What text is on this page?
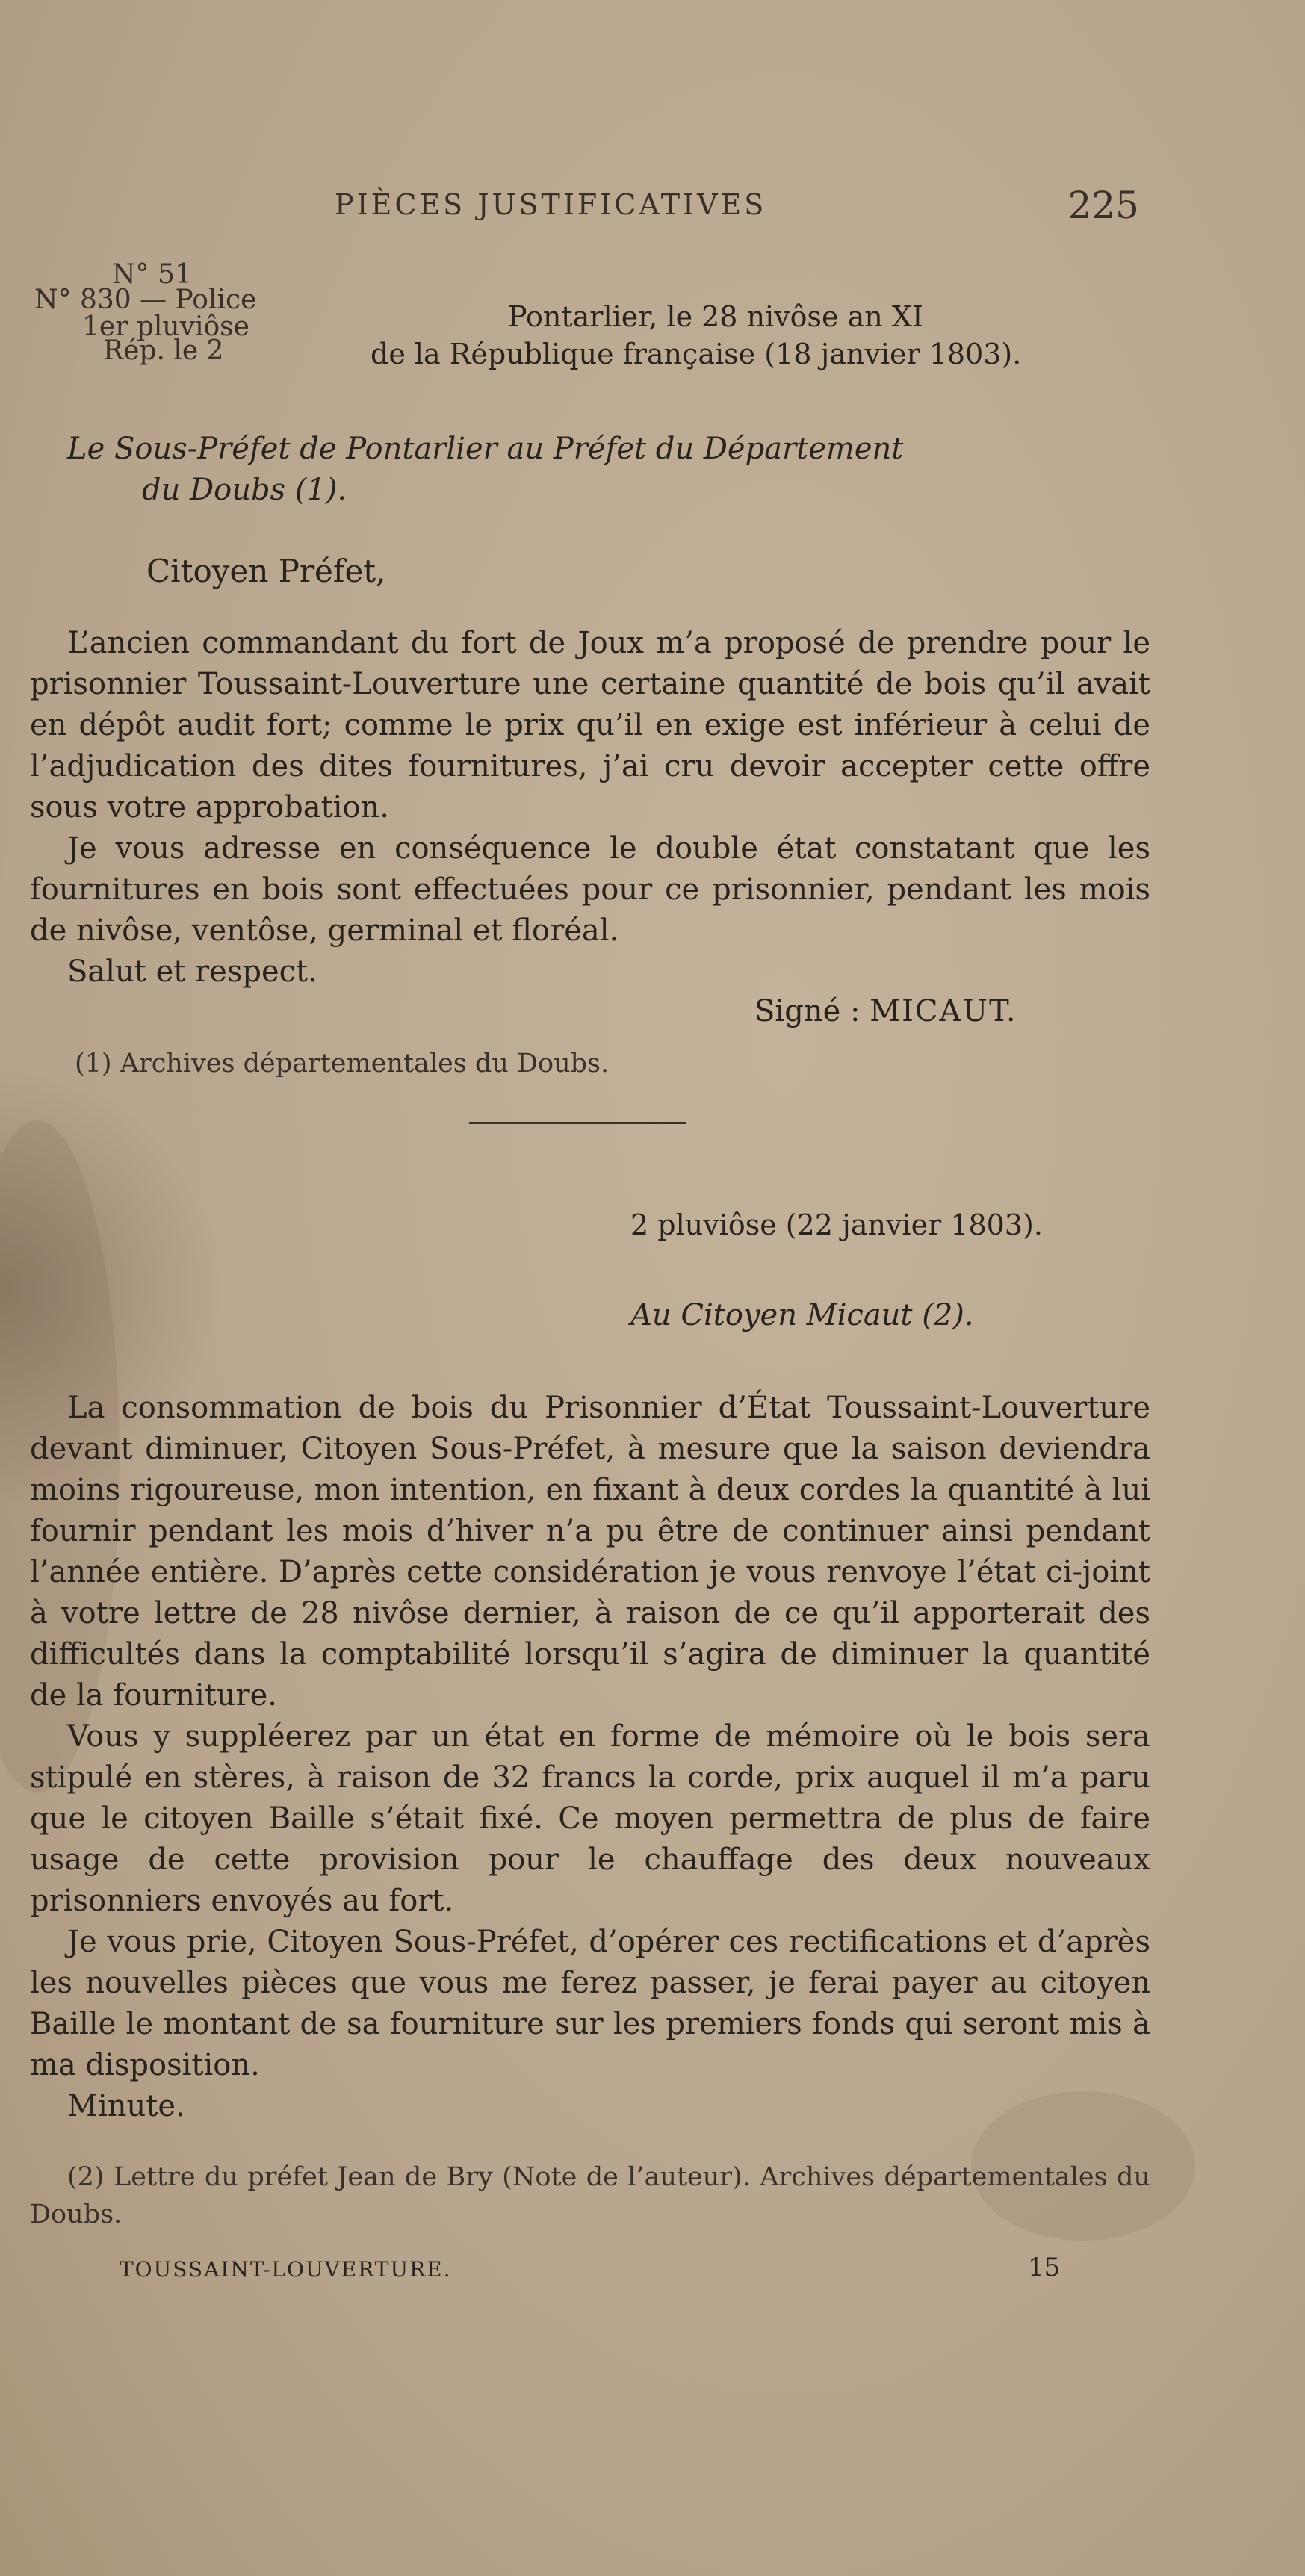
PIÈCES JUSTIFICATIVES	225
N° 51
N° 830 — Police
1er pluviôse
Rép. le 2
Pontarlier, le 28 nivôse an XI
de la République française (18 janvier 1803).

Le Sous-Préfet de Pontarlier au Préfet du Département

du Doubs (1).

Citoyen Préfet,

L’ancien commandant du fort de Joux m’a proposé de prendre pour le prisonnier Toussaint-Louverture une certaine quantité de bois qu’il avait en dépôt audit fort; comme le prix qu’il en exige est inférieur à celui de l’adjudication des dites fournitures, j’ai cru devoir accepter cette offre sous votre approbation.

Je vous adresse en conséquence le double état constatant que les fournitures en bois sont effectuées pour ce prisonnier, pendant les mois de nivôse, ventôse, germinal et floréal.

Salut et respect.

Signé : MICAUT.
(1) Archives départementales du Doubs.
2 pluviôse (22 janvier 1803).
Au Citoyen Micaut (2).

La consommation de bois du Prisonnier d’État Toussaint-Louverture devant diminuer, Citoyen Sous-Préfet, à mesure que la saison deviendra moins rigoureuse, mon intention, en fixant à deux cordes la quantité à lui fournir pendant les mois d’hiver n’a pu être de continuer ainsi pendant l’année entière. D’après cette considération je vous renvoye l’état ci-joint à votre lettre de 28 nivôse dernier, à raison de ce qu’il apporterait des difficultés dans la comptabilité lorsqu’il s’agira de diminuer la quantité de la fourniture.

Vous y suppléerez par un état en forme de mémoire où le bois sera stipulé en stères, à raison de 32 francs la corde, prix auquel il m’a paru que le citoyen Baille s’était fixé. Ce moyen permettra de plus de faire usage de cette provision pour le chauffage des deux nouveaux prisonniers envoyés au fort.

Je vous prie, Citoyen Sous-Préfet, d’opérer ces rectifications et d’après les nouvelles pièces que vous me ferez passer, je ferai payer au citoyen Baille le montant de sa fourniture sur les premiers fonds qui seront mis à ma disposition.

Minute.

(2) Lettre du préfet Jean de Bry (Note de l’auteur). Archives départementales du Doubs.

TOUSSAINT-LOUVERTURE.	15
